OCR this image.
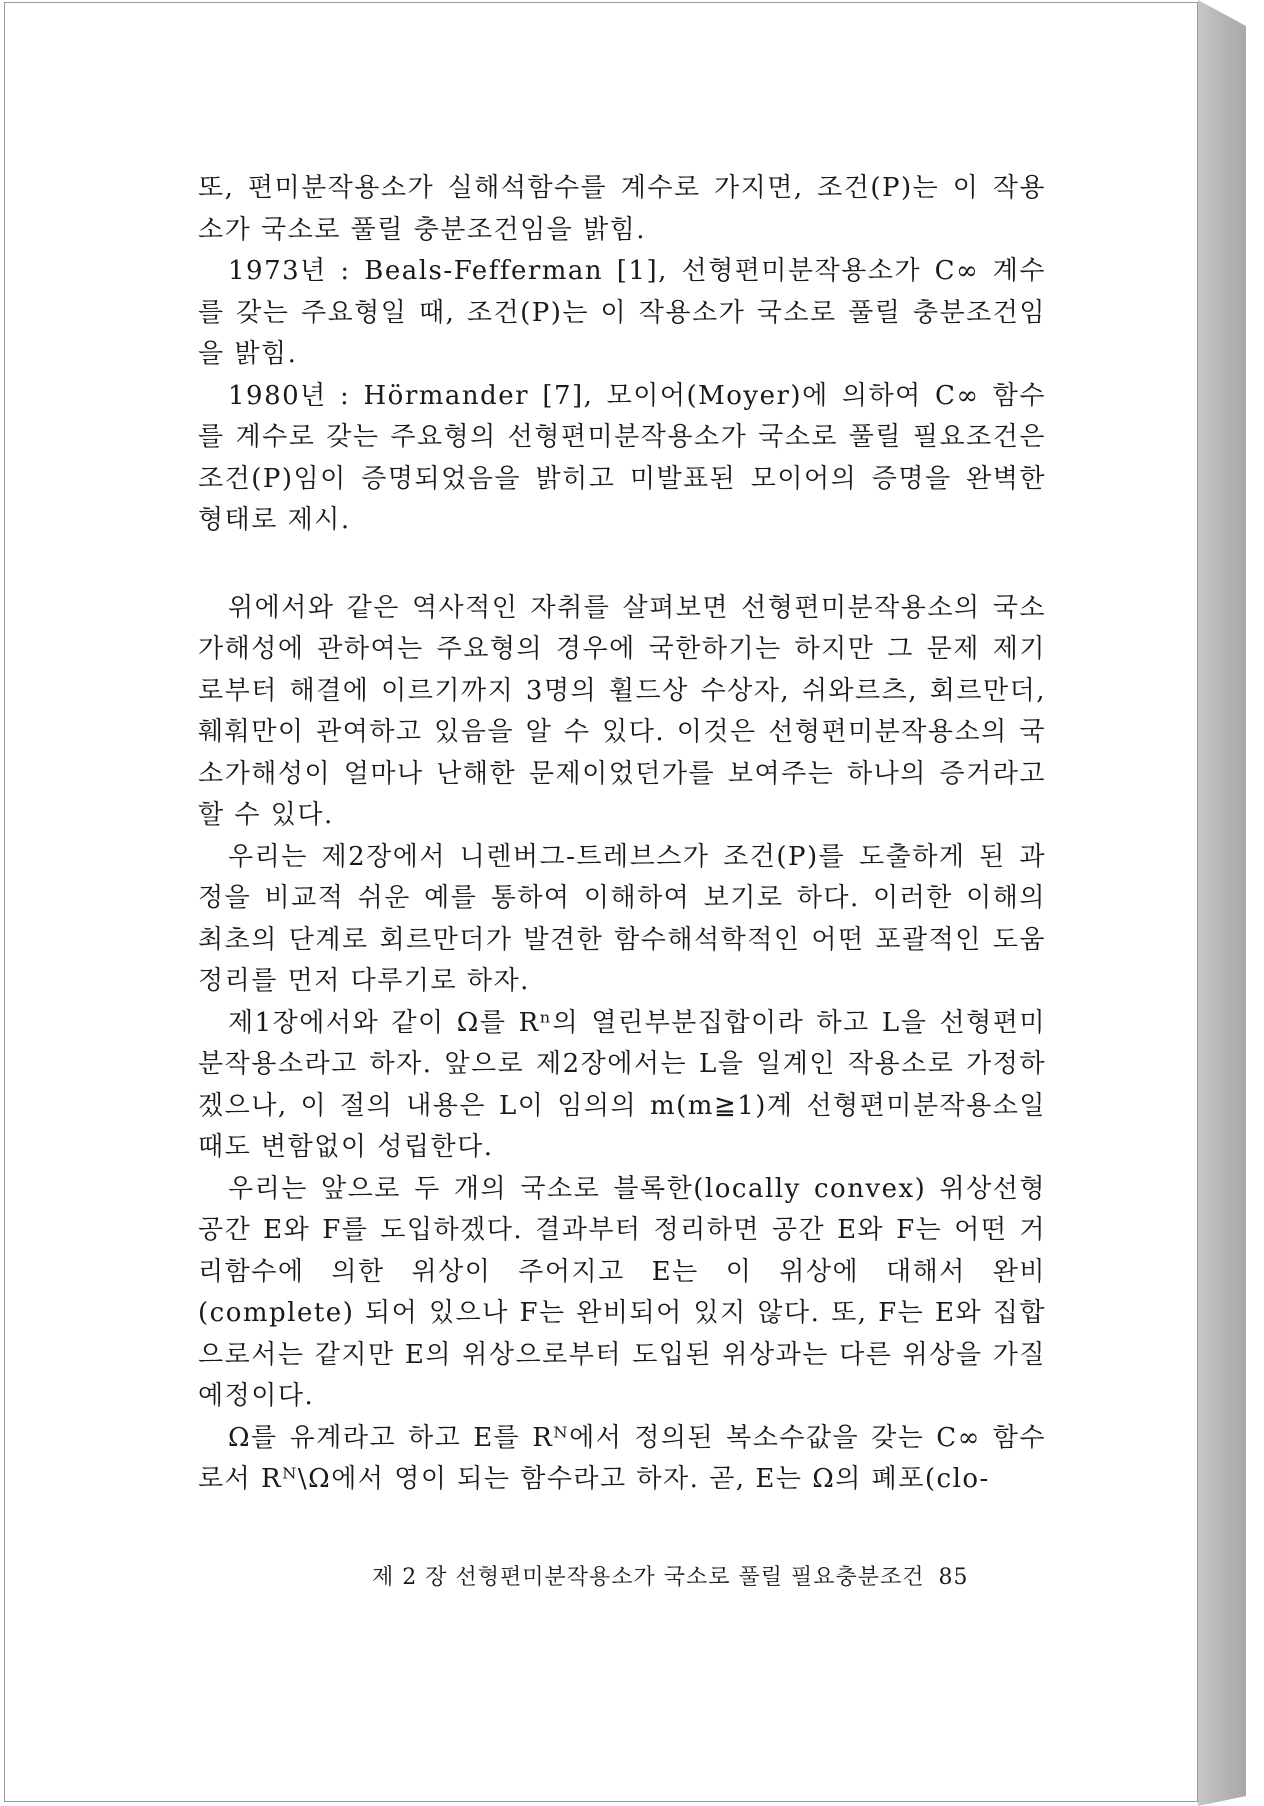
또, 편미분작용소가 실해석함수를 계수로 가지면, 조건(P)는 이 작용소가 국소로 풀릴 충분조건임을 밝힘.

1973년 : Beals-Fefferman [1], 선형편미분작용소가 C∞ 계수를 갖는 주요형일 때, 조건(P)는 이 작용소가 국소로 풀릴 충분조건임을 밝힘.

1980년 : Hörmander [7], 모이어(Moyer)에 의하여 C∞ 함수를 계수로 갖는 주요형의 선형편미분작용소가 국소로 풀릴 필요조건은 조건(P)임이 증명되었음을 밝히고 미발표된 모이어의 증명을 완벽한 형태로 제시.

위에서와 같은 역사적인 자취를 살펴보면 선형편미분작용소의 국소가해성에 관하여는 주요형의 경우에 국한하기는 하지만 그 문제 제기로부터 해결에 이르기까지 3명의 휠드상 수상자, 쉬와르츠, 회르만더, 훼훠만이 관여하고 있음을 알 수 있다. 이것은 선형편미분작용소의 국소가해성이 얼마나 난해한 문제이었던가를 보여주는 하나의 증거라고 할 수 있다.

우리는 제2장에서 니렌버그-트레브스가 조건(P)를 도출하게 된 과정을 비교적 쉬운 예를 통하여 이해하여 보기로 하다. 이러한 이해의 최초의 단계로 회르만더가 발견한 함수해석학적인 어떤 포괄적인 도움정리를 먼저 다루기로 하자.

제1장에서와 같이 Ω를 Rⁿ의 열린부분집합이라 하고 L을 선형편미분작용소라고 하자. 앞으로 제2장에서는 L을 일계인 작용소로 가정하겠으나, 이 절의 내용은 L이 임의의 m(m≧1)계 선형편미분작용소일 때도 변함없이 성립한다.

우리는 앞으로 두 개의 국소로 블록한(locally convex) 위상선형공간 E와 F를 도입하겠다. 결과부터 정리하면 공간 E와 F는 어떤 거리함수에 의한 위상이 주어지고 E는 이 위상에 대해서 완비(complete) 되어 있으나 F는 완비되어 있지 않다. 또, F는 E와 집합으로서는 같지만 E의 위상으로부터 도입된 위상과는 다른 위상을 가질 예정이다.

Ω를 유계라고 하고 E를 Rᴺ에서 정의된 복소수값을 갖는 C∞ 함수로서 Rᴺ\Ω에서 영이 되는 함수라고 하자. 곧, E는 Ω의 폐포(clo-

제 2 장 선형편미분작용소가 국소로 풀릴 필요충분조건 85
